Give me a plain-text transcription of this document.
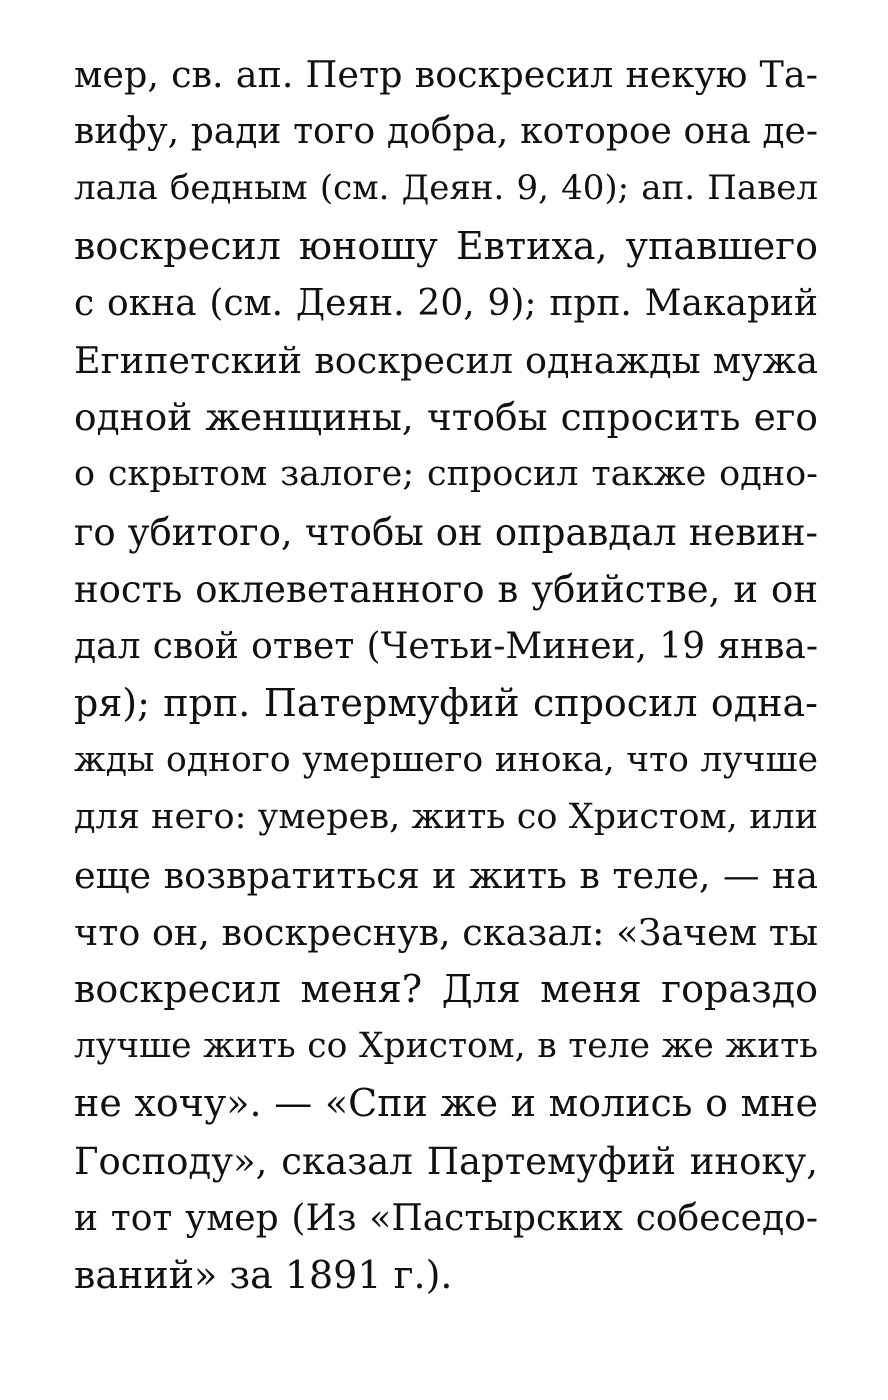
мер, св. ап. Петр воскресил некую Та-
вифу, ради того добра, которое она де-
лала бедным (см. Деян. 9, 40); ап. Павел
воскресил юношу Евтиха, упавшего
с окна (см. Деян. 20, 9); прп. Макарий
Египетский воскресил однажды мужа
одной женщины, чтобы спросить его
о скрытом залоге; спросил также одно-
го убитого, чтобы он оправдал невин-
ность оклеветанного в убийстве, и он
дал свой ответ (Четьи-Минеи, 19 янва-
ря); прп. Патермуфий спросил одна-
жды одного умершего инока, что лучше
для него: умерев, жить со Христом, или
еще возвратиться и жить в теле, — на
что он, воскреснув, сказал: «Зачем ты
воскресил меня? Для меня гораздо
лучше жить со Христом, в теле же жить
не хочу». — «Спи же и молись о мне
Господу», сказал Партемуфий иноку,
и тот умер (Из «Пастырских собеседо-
ваний» за 1891 г.).
